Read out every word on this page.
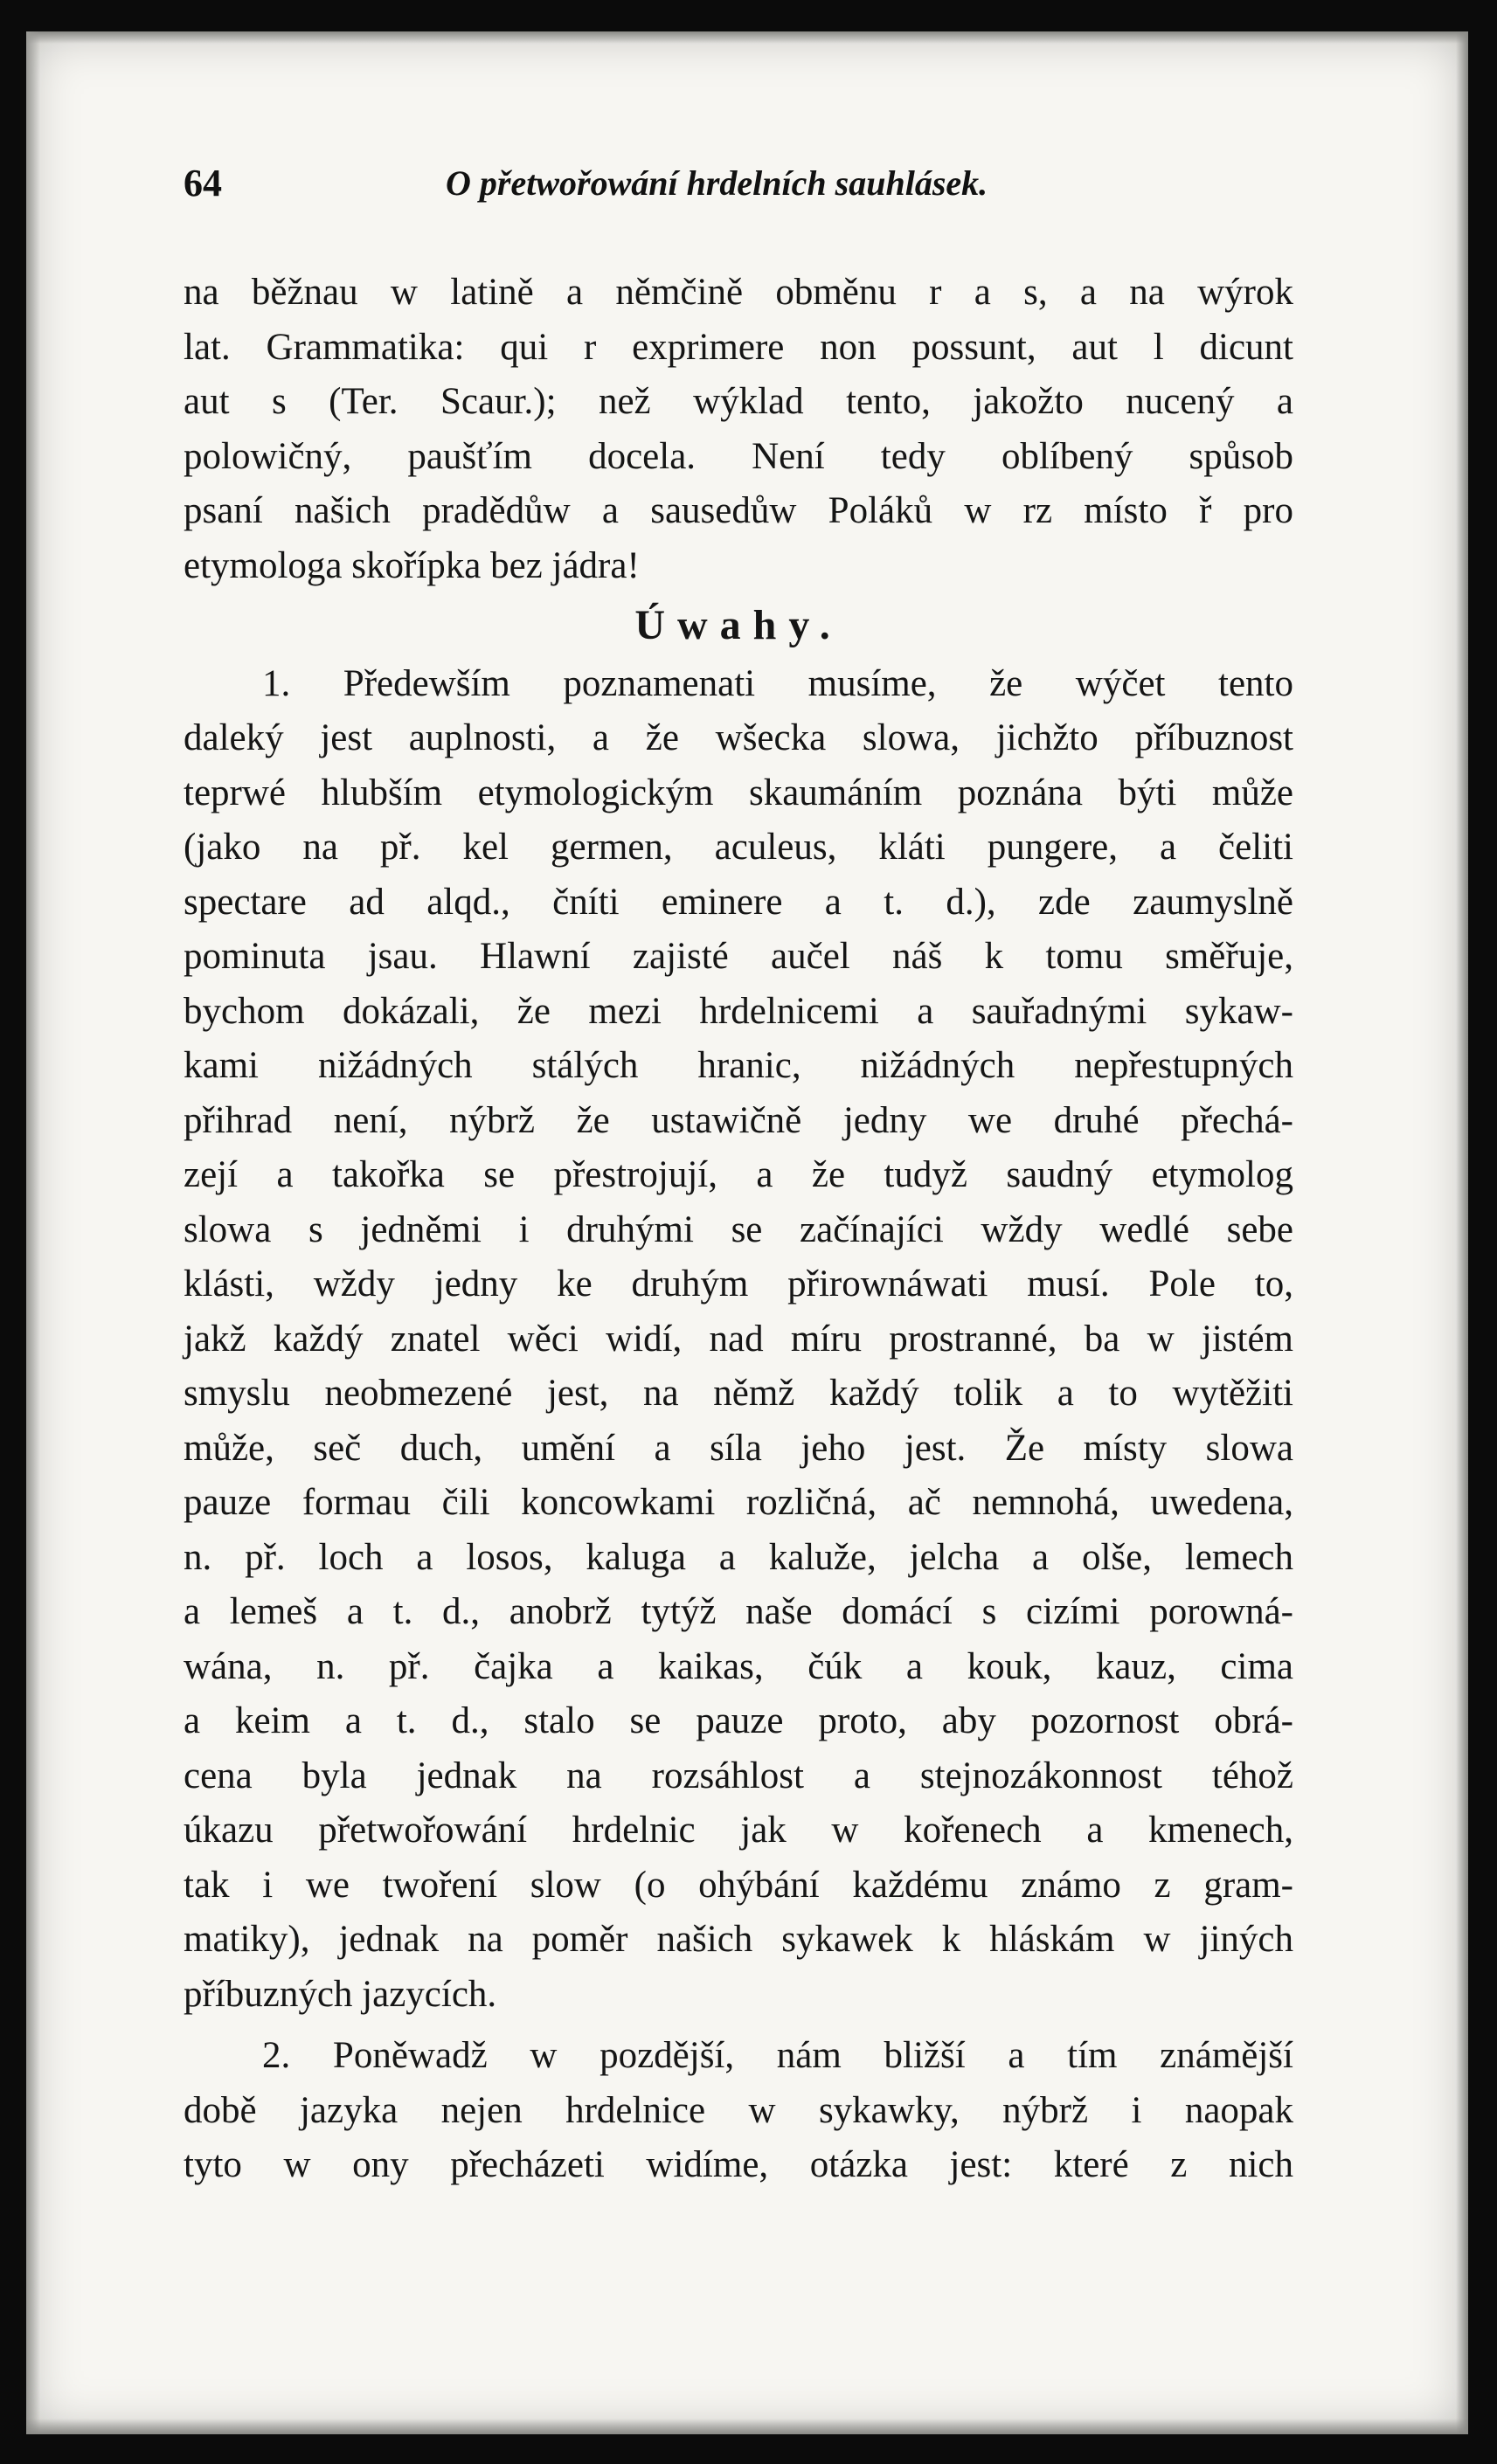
64	O přetwořowání hrdelních sauhlásek.
na běžnau w latině a němčině obměnu r a s, a na wýrok
lat. Grammatika: qui r exprimere non possunt, aut l dicunt
aut s (Ter. Scaur.); než wýklad tento, jakožto nucený a
polowičný, paušťím docela. Není tedy oblíbený spůsob
psaní našich pradědůw a sausedůw Poláků w rz místo ř pro
etymologa skořípka bez jádra!
Úwahy.
1. Předewším poznamenati musíme, že wýčet tento
daleký jest auplnosti, a že wšecka slowa, jichžto příbuznost
teprwé hlubším etymologickým skaumáním poznána býti může
(jako na př. kel germen, aculeus, kláti pungere, a čeliti
spectare ad alqd., čníti eminere a t. d.), zde zaumyslně
pominuta jsau. Hlawní zajisté aučel náš k tomu směřuje,
bychom dokázali, že mezi hrdelnicemi a sauřadnými sykaw-
kami nižádných stálých hranic, nižádných nepřestupných
přihrad není, nýbrž že ustawičně jedny we druhé přechá-
zejí a takořka se přestrojují, a že tudyž saudný etymolog
slowa s jedněmi i druhými se začínajíci wždy wedlé sebe
klásti, wždy jedny ke druhým přirownáwati musí. Pole to,
jakž každý znatel wěci widí, nad míru prostranné, ba w jistém
smyslu neobmezené jest, na němž každý tolik a to wytěžiti
může, seč duch, umění a síla jeho jest. Že místy slowa
pauze formau čili koncowkami rozličná, ač nemnohá, uwedena,
n. př. loch a losos, kaluga a kaluže, jelcha a olše, lemech
a lemeš a t. d., anobrž tytýž naše domácí s cizími porowná-
wána, n. př. čajka a kaikas, čúk a kouk, kauz, cima
a keim a t. d., stalo se pauze proto, aby pozornost obrá-
cena byla jednak na rozsáhlost a stejnozákonnost téhož
úkazu přetwořowání hrdelnic jak w kořenech a kmenech,
tak i we twoření slow (o ohýbání každému známo z gram-
matiky), jednak na poměr našich sykawek k hláskám w jiných
příbuzných jazycích.
2. Poněwadž w pozdější, nám bližší a tím známější
době jazyka nejen hrdelnice w sykawky, nýbrž i naopak
tyto w ony přecházeti widíme, otázka jest: které z nich
